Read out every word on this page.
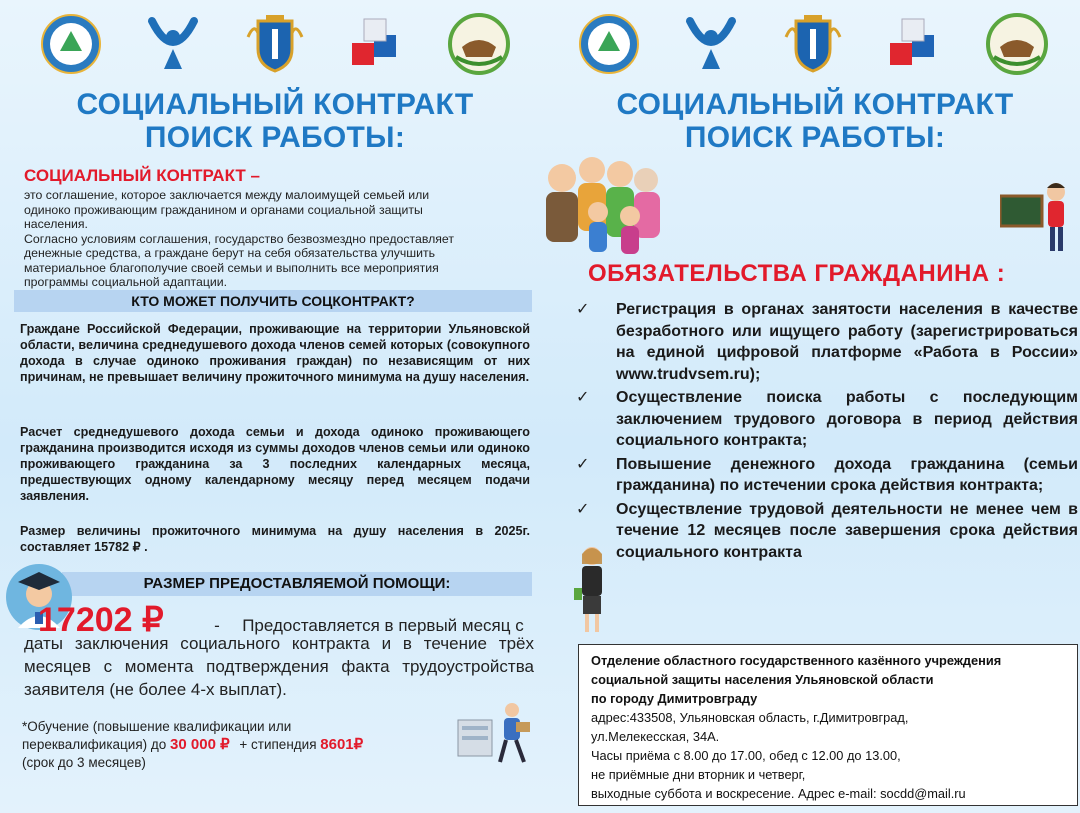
СОЦИАЛЬНЫЙ КОНТРАКТ
ПОИСК РАБОТЫ:
СОЦИАЛЬНЫЙ КОНТРАКТ
ПОИСК РАБОТЫ:
СОЦИАЛЬНЫЙ КОНТРАКТ –
это соглашение, которое заключается между малоимущей семьей или
одиноко проживающим гражданином и органами социальной защиты
населения.
Согласно условиям соглашения, государство безвозмездно предоставляет
денежные средства, а граждане берут на себя обязательства улучшить
материальное благополучие своей семьи и выполнить все мероприятия
программы социальной адаптации.
КТО МОЖЕТ ПОЛУЧИТЬ СОЦКОНТРАКТ?
Граждане Российской Федерации, проживающие на территории Ульяновской области, величина среднедушевого дохода членов семей которых (совокупного дохода в случае одиноко проживания граждан) по независящим от них причинам, не превышает величину прожиточного минимума на душу населения.
Расчет среднедушевого дохода семьи и дохода одиноко проживающего гражданина производится исходя из суммы доходов членов семьи или одиноко проживающего гражданина за 3 последних календарных месяца, предшествующих одному календарному месяцу перед месяцем подачи заявления.
Размер величины прожиточного минимума на душу населения в 2025г. составляет 15782 ₽ .
РАЗМЕР ПРЕДОСТАВЛЯЕМОЙ ПОМОЩИ:
17202 ₽	- Предоставляется в первый месяц с
даты заключения социального контракта и в течение трёх месяцев с момента подтверждения факта трудоустройства заявителя (не более 4-х выплат).
*Обучение (повышение квалификации или
переквалификация) до 30 000 ₽ + стипендия 8601₽
(срок до 3 месяцев)
ОБЯЗАТЕЛЬСТВА ГРАЖДАНИНА :
✓ Регистрация в органах занятости населения в качестве безработного или ищущего работу (зарегистрироваться на единой цифровой платформе «Работа в России» www.trudvsem.ru);
✓ Осуществление поиска работы с последующим заключением трудового договора в период действия социального контракта;
✓ Повышение денежного дохода гражданина (семьи гражданина) по истечении срока действия контракта;
✓ Осуществление трудовой деятельности не менее чем в течение 12 месяцев после завершения срока действия социального контракта
Отделение областного государственного казённого учреждения
социальной защиты населения Ульяновской области
по городу Димитровграду
адрес:433508, Ульяновская область, г.Димитровград,
ул.Мелекесская, 34А.
Часы приёма с 8.00 до 17.00, обед с 12.00 до 13.00,
не приёмные дни вторник и четверг,
выходные суббота и воскресение. Адрес e-mail: socdd@mail.ru
